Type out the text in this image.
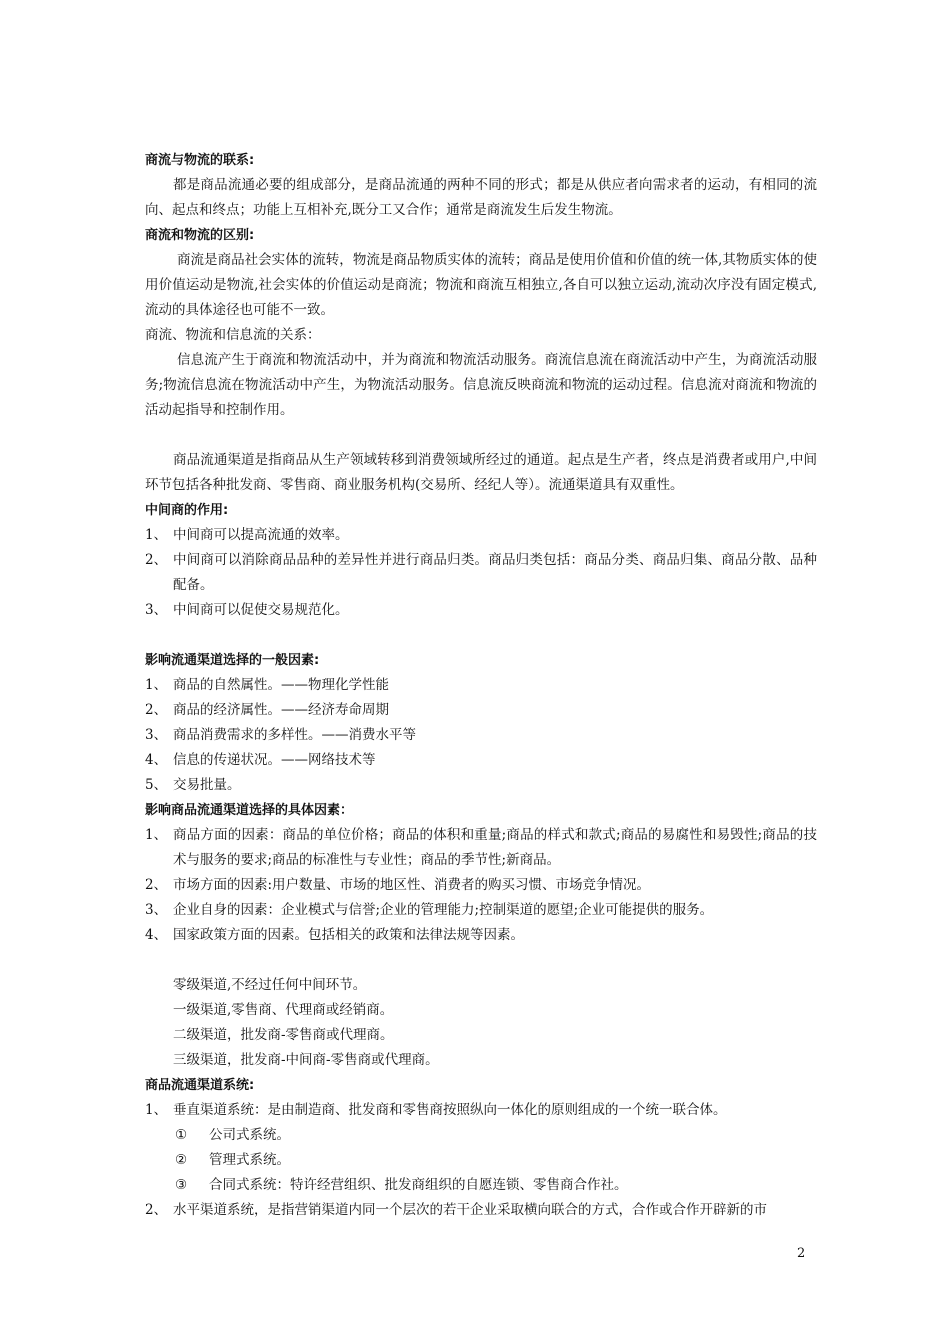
商流与物流的联系:
都是商品流通必要的组成部分，是商品流通的两种不同的形式；都是从供应者向需求者的运动，有相同的流向、起点和终点；功能上互相补充,既分工又合作；通常是商流发生后发生物流。
商流和物流的区别:
商流是商品社会实体的流转，物流是商品物质实体的流转；商品是使用价值和价值的统一体,其物质实体的使用价值运动是物流,社会实体的价值运动是商流；物流和商流互相独立,各自可以独立运动,流动次序没有固定模式,流动的具体途径也可能不一致。
商流、物流和信息流的关系：
信息流产生于商流和物流活动中，并为商流和物流活动服务。商流信息流在商流活动中产生，为商流活动服务;物流信息流在物流活动中产生，为物流活动服务。信息流反映商流和物流的运动过程。信息流对商流和物流的活动起指导和控制作用。
商品流通渠道是指商品从生产领域转移到消费领域所经过的通道。起点是生产者，终点是消费者或用户,中间环节包括各种批发商、零售商、商业服务机构(交易所、经纪人等）。流通渠道具有双重性。
中间商的作用:
1、 中间商可以提高流通的效率。
2、 中间商可以消除商品品种的差异性并进行商品归类。商品归类包括：商品分类、商品归集、商品分散、品种配备。
3、 中间商可以促使交易规范化。
影响流通渠道选择的一般因素:
1、 商品的自然属性。——物理化学性能
2、 商品的经济属性。——经济寿命周期
3、 商品消费需求的多样性。——消费水平等
4、 信息的传递状况。——网络技术等
5、 交易批量。
影响商品流通渠道选择的具体因素：
1、 商品方面的因素：商品的单位价格；商品的体积和重量;商品的样式和款式;商品的易腐性和易毁性;商品的技术与服务的要求;商品的标准性与专业性；商品的季节性;新商品。
2、 市场方面的因素:用户数量、市场的地区性、消费者的购买习惯、市场竞争情况。
3、 企业自身的因素：企业模式与信誉;企业的管理能力;控制渠道的愿望;企业可能提供的服务。
4、 国家政策方面的因素。包括相关的政策和法律法规等因素。
零级渠道,不经过任何中间环节。
一级渠道,零售商、代理商或经销商。
二级渠道，批发商-零售商或代理商。
三级渠道，批发商-中间商-零售商或代理商。
商品流通渠道系统:
1、 垂直渠道系统：是由制造商、批发商和零售商按照纵向一体化的原则组成的一个统一联合体。
①	公司式系统。
②	管理式系统。
③	合同式系统：特许经营组织、批发商组织的自愿连锁、零售商合作社。
2、 水平渠道系统，是指营销渠道内同一个层次的若干企业采取横向联合的方式，合作或合作开辟新的市
2
